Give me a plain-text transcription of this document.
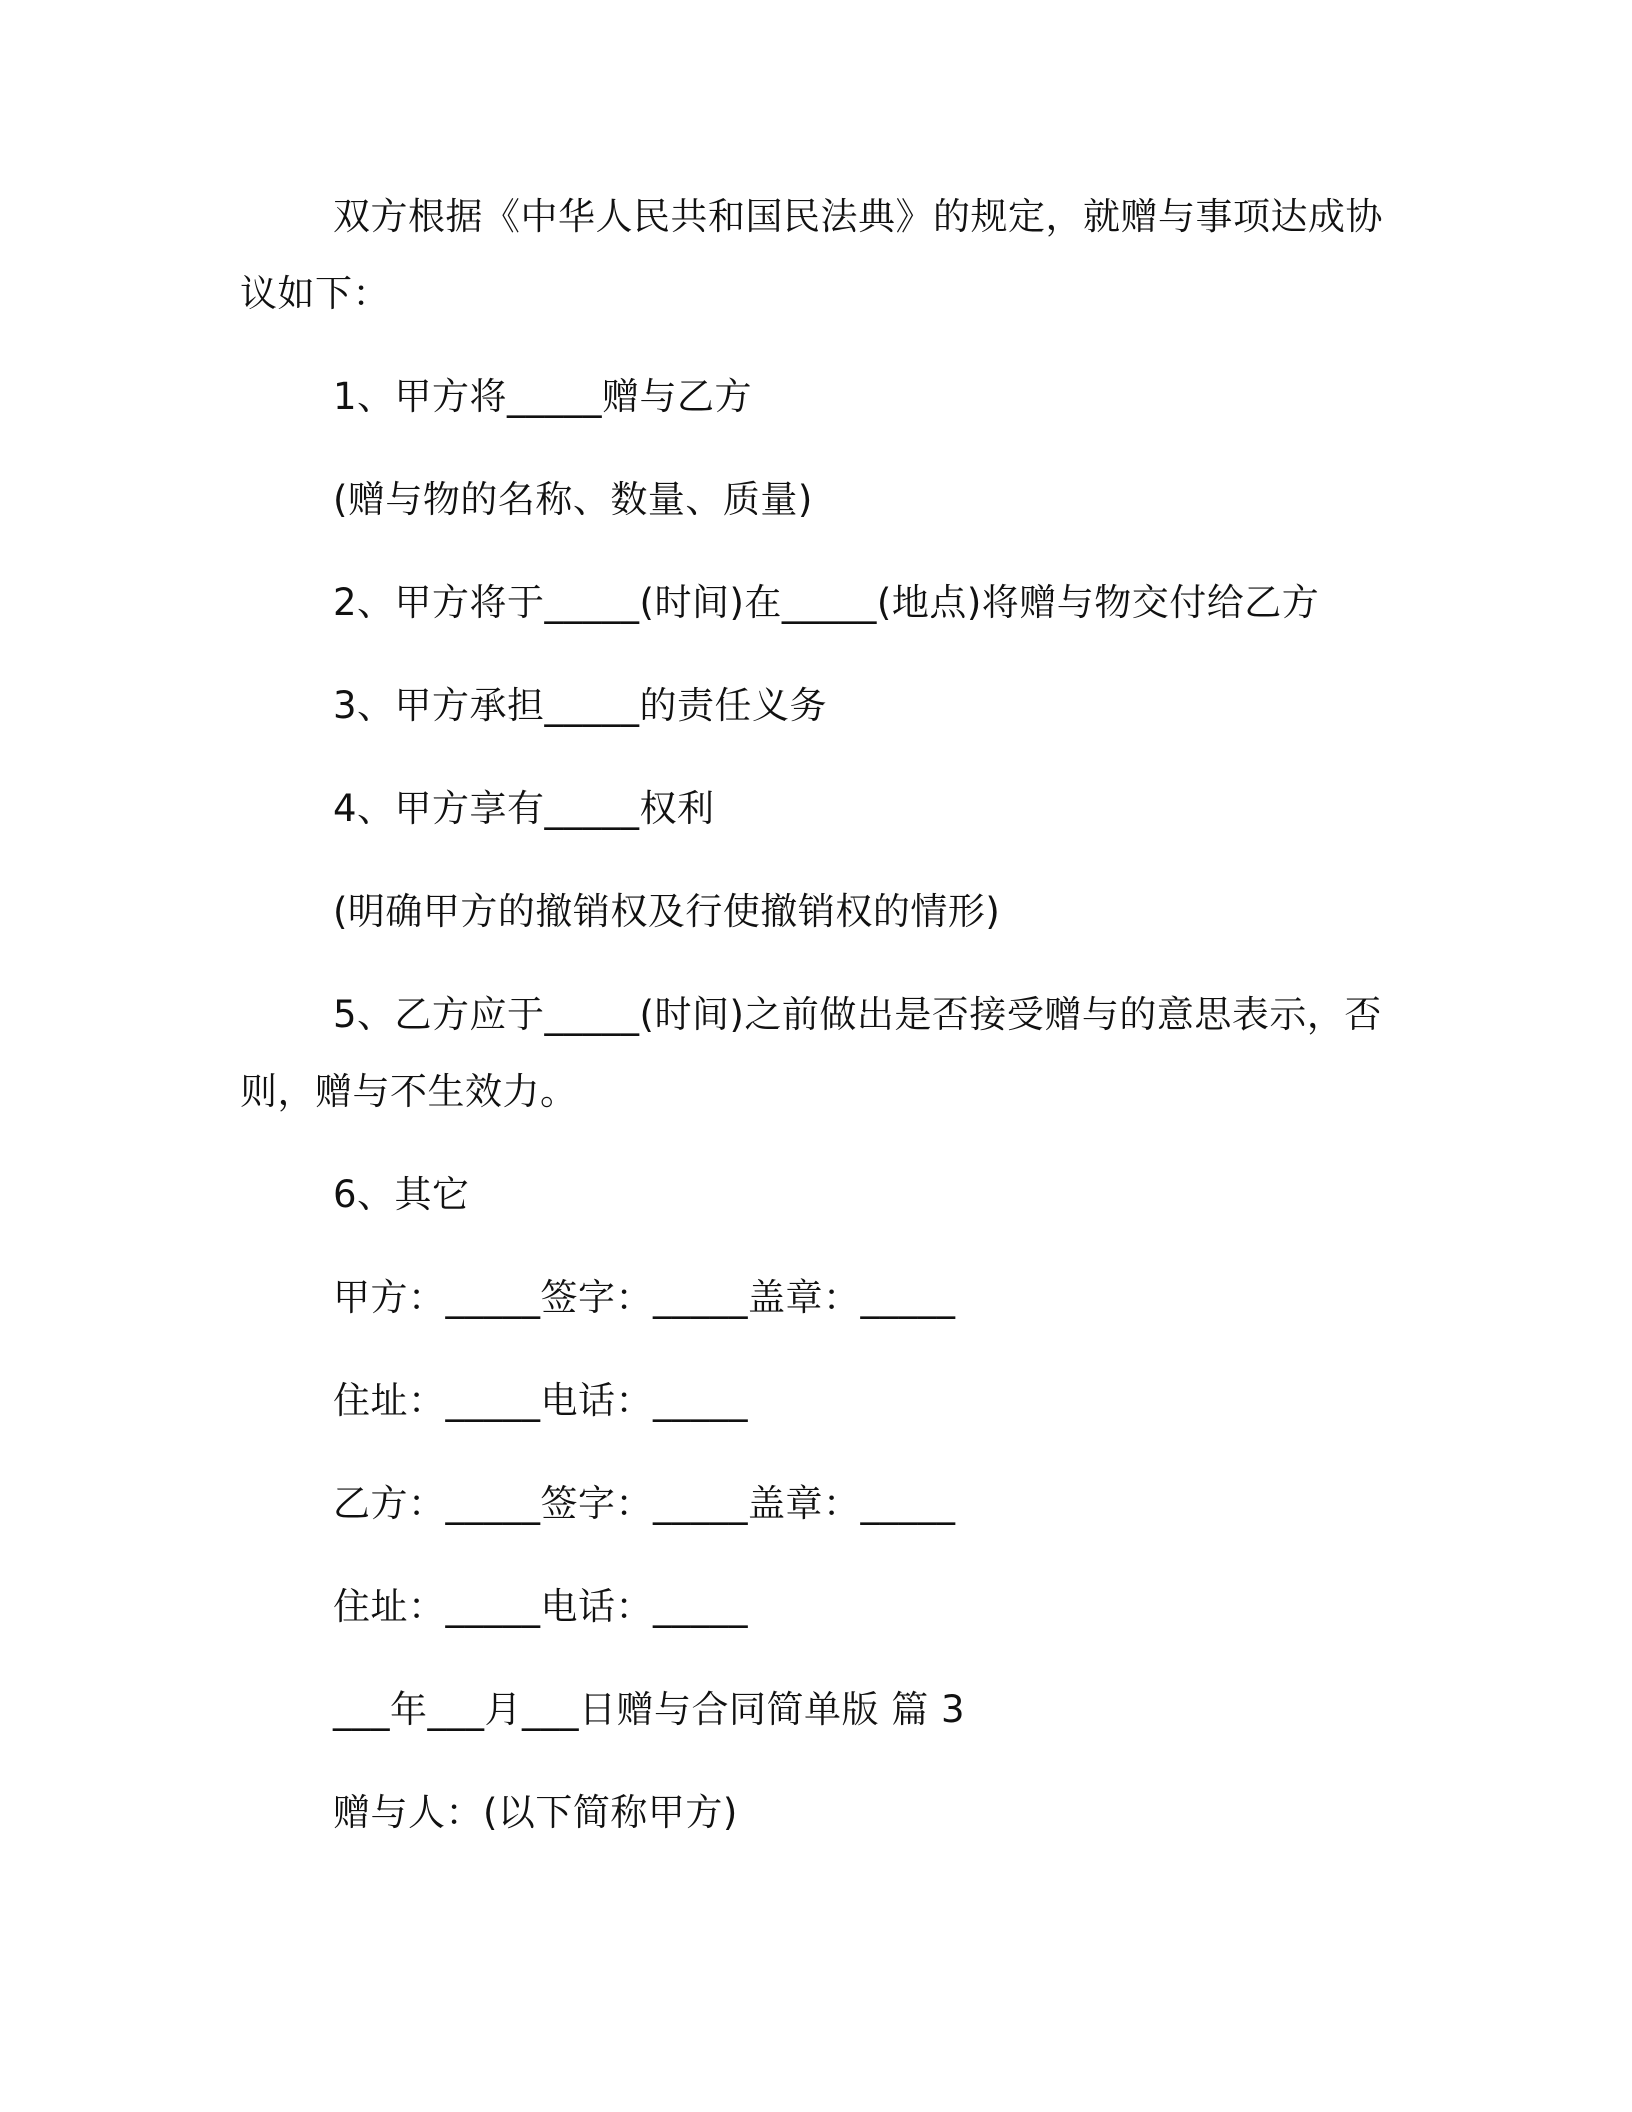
双方根据《中华人民共和国民法典》的规定，就赠与事项达成协
议如下：
1、甲方将_____赠与乙方
(赠与物的名称、数量、质量)
2、甲方将于_____(时间)在_____(地点)将赠与物交付给乙方
3、甲方承担_____的责任义务
4、甲方享有_____权利
(明确甲方的撤销权及行使撤销权的情形)
5、乙方应于_____(时间)之前做出是否接受赠与的意思表示，否
则，赠与不生效力。
6、其它
甲方：_____签字：_____盖章：_____
住址：_____电话：_____
乙方：_____签字：_____盖章：_____
住址：_____电话：_____
___年___月___日赠与合同简单版 篇 3
赠与人：(以下简称甲方)
